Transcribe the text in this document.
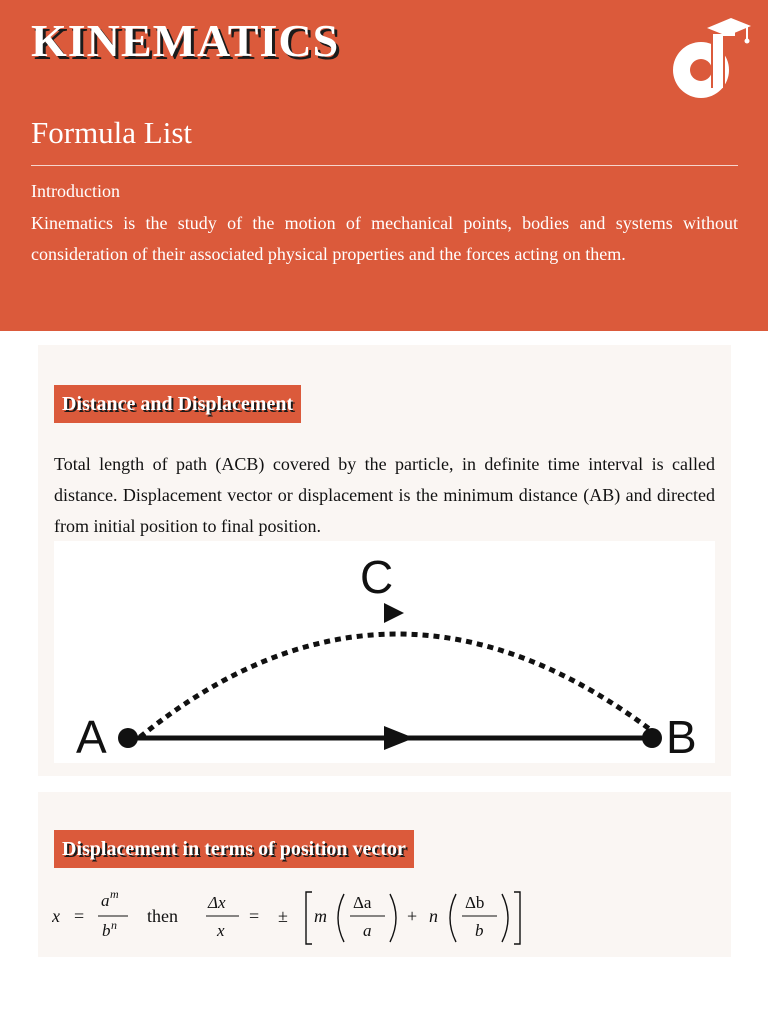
KINEMATICS
Formula List
Introduction
Kinematics is the study of the motion of mechanical points, bodies and systems without consideration of their associated physical properties and the forces acting on them.
Distance and Displacement
Total length of path (ACB) covered by the particle, in definite time interval is called distance. Displacement vector or displacement is the minimum distance (AB) and directed from initial position to final position.
A	B
C
Displacement in terms of position vector
x =
a m
b n then
Δx
x
= ± m
Δa
a
+ n
Δb
b
